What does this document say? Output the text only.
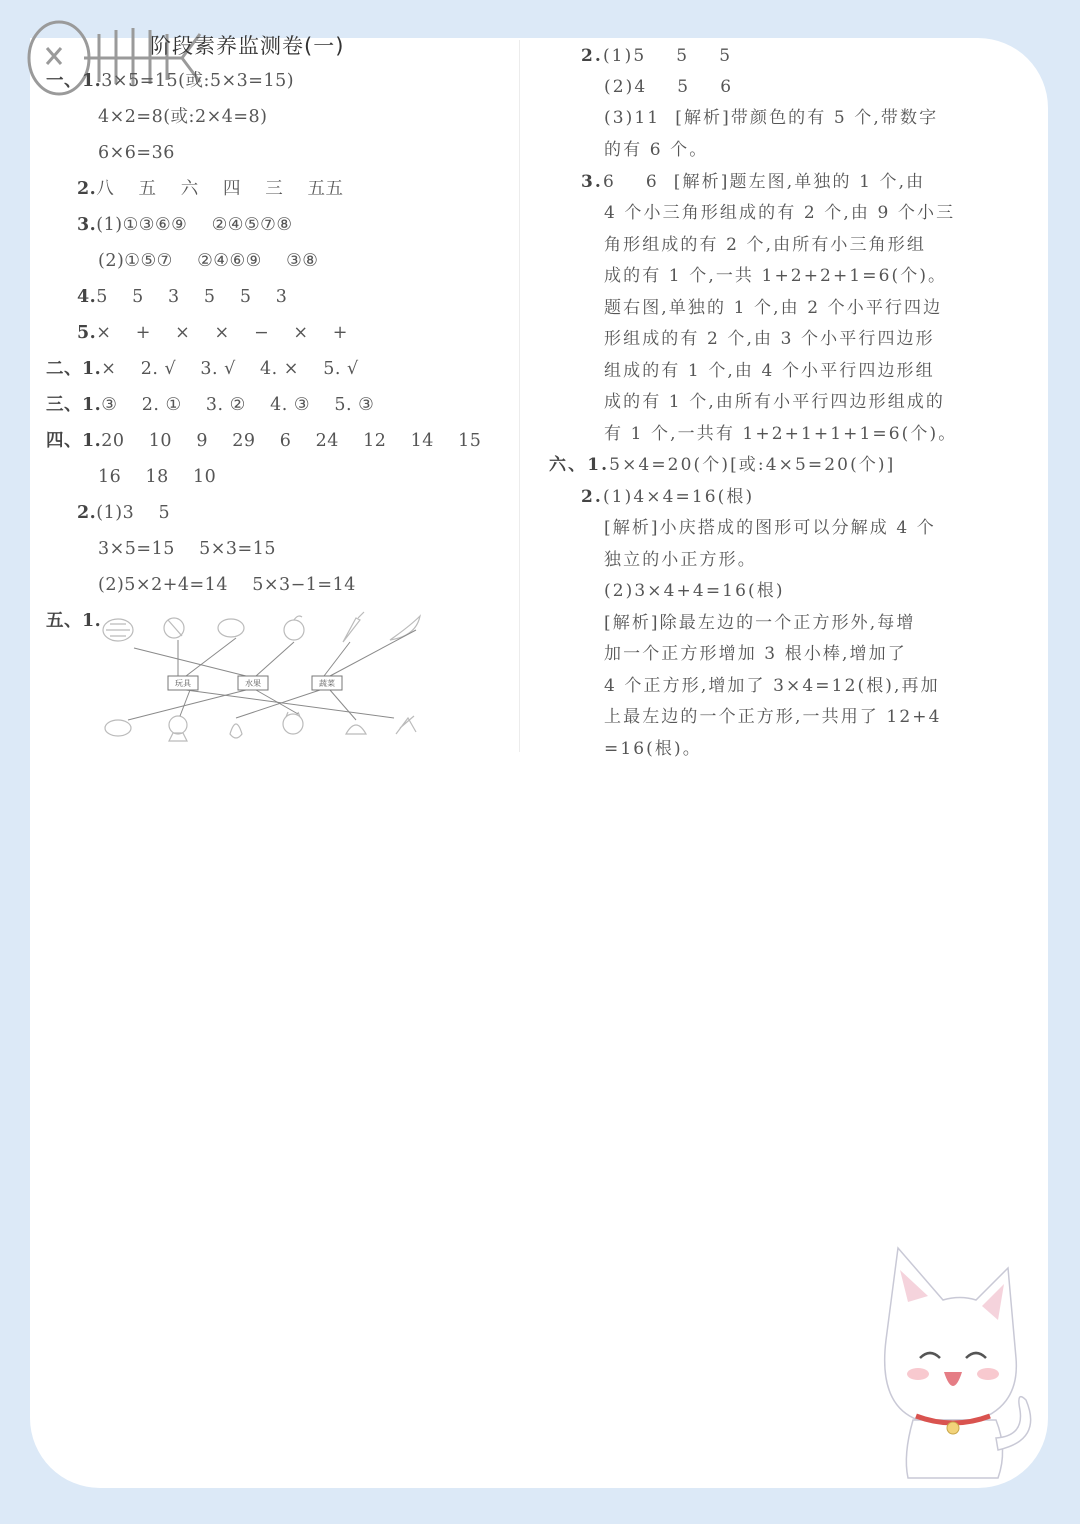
阶段素养监测卷(一)
一、1.3×5=15(或:5×3=15)
4×2=8(或:2×4=8)
6×6=36
2.八    五    六    四    三    五五
3.(1)①③⑥⑨    ②④⑤⑦⑧
(2)①⑤⑦    ②④⑥⑨    ③⑧
4.5    5    3    5    5    3
5.×    +    ×    ×    −    ×    +
二、1.×    2. √    3. √    4. ×    5. √
三、1.③    2. ①    3. ②    4. ③    5. ③
四、1.20    10    9    29    6    24    12    14    15
16    18    10
2.(1)3    5
3×5=15    5×3=15
(2)5×2+4=14    5×3−1=14
五、1.
玩具	水果	蔬菜
2.(1)5    5    5
(2)4    5    6
(3)11  [解析]带颜色的有 5 个,带数字
的有 6 个。
3.6    6  [解析]题左图,单独的 1 个,由
4 个小三角形组成的有 2 个,由 9 个小三
角形组成的有 2 个,由所有小三角形组
成的有 1 个,一共 1+2+2+1=6(个)。
题右图,单独的 1 个,由 2 个小平行四边
形组成的有 2 个,由 3 个小平行四边形
组成的有 1 个,由 4 个小平行四边形组
成的有 1 个,由所有小平行四边形组成的
有 1 个,一共有 1+2+1+1+1=6(个)。
六、1.5×4=20(个)[或:4×5=20(个)]
2.(1)4×4=16(根)
[解析]小庆搭成的图形可以分解成 4 个
独立的小正方形。
(2)3×4+4=16(根)
[解析]除最左边的一个正方形外,每增
加一个正方形增加 3 根小棒,增加了
4 个正方形,增加了 3×4=12(根),再加
上最左边的一个正方形,一共用了 12+4
=16(根)。
